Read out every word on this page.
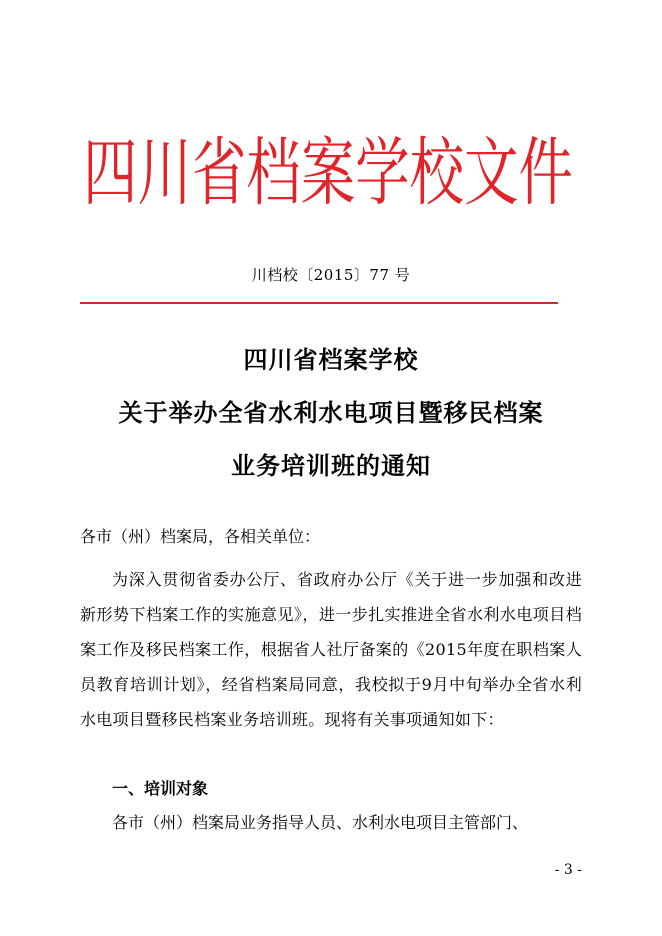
四川省档案学校文件
川档校〔2015〕77 号
四川省档案学校
关于举办全省水利水电项目暨移民档案
业务培训班的通知
各市（州）档案局，各相关单位：
为深入贯彻省委办公厅、省政府办公厅《关于进一步加强和改进新形势下档案工作的实施意见》，进一步扎实推进全省水利水电项目档案工作及移民档案工作，根据省人社厅备案的《2015年度在职档案人员教育培训计划》，经省档案局同意，我校拟于9月中旬举办全省水利水电项目暨移民档案业务培训班。现将有关事项通知如下：
一、培训对象
各市（州）档案局业务指导人员、水利水电项目主管部门、
- 3 -
